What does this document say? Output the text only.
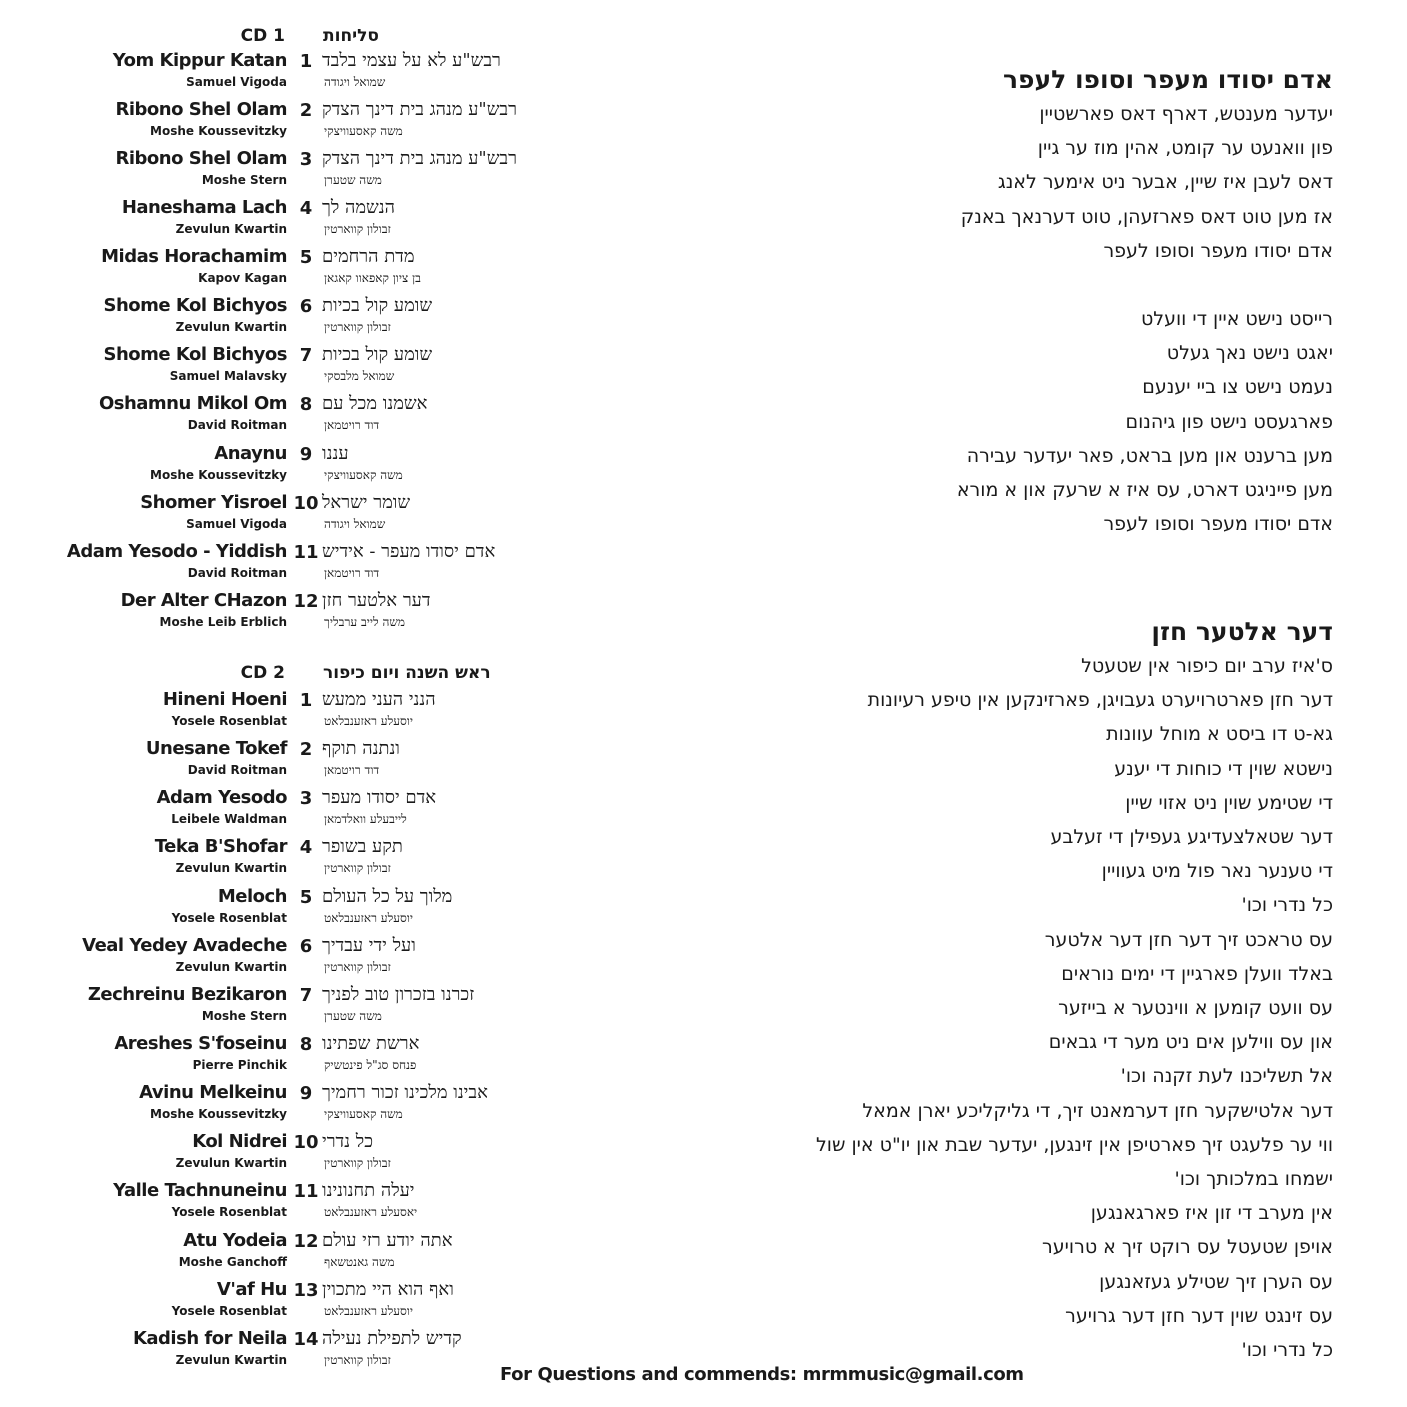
CD 1 סליחות
Yom Kippur Katan 1 רבש"ע לא על עצמי בלבד
Samuel Vigoda	שמואל ויגודה
Ribono Shel Olam 2 רבש"ע מנהג בית דינך הצדק
Moshe Koussevitzky	משה קאסעוויצקי
Ribono Shel Olam 3 רבש"ע מנהג בית דינך הצדק
Moshe Stern	משה שטערן
Haneshama Lach 4 הנשמה לך
Zevulun Kwartin	זבולון קווארטין
Midas Horachamim 5 מדת הרחמים
Kapov Kagan	בן ציון קאפאוו קאגאן
Shome Kol Bichyos 6 שומע קול בכיות
Zevulun Kwartin	זבולון קווארטין
Shome Kol Bichyos 7 שומע קול בכיות
Samuel Malavsky	שמואל מלבסקי
Oshamnu Mikol Om 8 אשמנו מכל עם
David Roitman	דוד רויטמאן
Anaynu 9 עננו
Moshe Koussevitzky	משה קאסעוויצקי
Shomer Yisroel 10 שומר ישראל
Samuel Vigoda	שמואל ויגודה
Adam Yesodo - Yiddish 11 אדם יסודו מעפר - אידיש
David Roitman	דוד רויטמאן
Der Alter CHazon 12 דער אלטער חזן
Moshe Leib Erblich	משה לייב ערבליך
CD 2 ראש השנה ויום כיפור
Hineni Hoeni 1 הנני העני ממעש
Yosele Rosenblat	יוסעלע ראזענבלאט
Unesane Tokef 2 ונתנה תוקף
David Roitman	דוד רויטמאן
Adam Yesodo 3 אדם יסודו מעפר
Leibele Waldman	לייבעלע וואלדמאן
Teka B'Shofar 4 תקע בשופר
Zevulun Kwartin	זבולון קווארטין
Meloch 5 מלוך על כל העולם
Yosele Rosenblat	יוסעלע ראזענבלאט
Veal Yedey Avadeche 6 ועל ידי עבדיך
Zevulun Kwartin	זבולון קווארטין
Zechreinu Bezikaron 7 זכרנו בזכרון טוב לפניך
Moshe Stern	משה שטערן
Areshes S'foseinu 8 ארשת שפתינו
Pierre Pinchik	פנחס סג"ל פינטשיק
Avinu Melkeinu 9 אבינו מלכינו זכור רחמיך
Moshe Koussevitzky	משה קאסעוויצקי
Kol Nidrei 10 כל נדרי
Zevulun Kwartin	זבולון קווארטין
Yalle Tachnuneinu 11 יעלה תחנונינו
Yosele Rosenblat	יאסעלע ראזענבלאט
Atu Yodeia 12 אתה יודע רזי עולם
Moshe Ganchoff	משה גאנטשאף
V'af Hu 13 ואף הוא היי מתכוין
Yosele Rosenblat	יוסעלע ראזענבלאט
Kadish for Neila 14 קדיש לתפילת נעילה
Zevulun Kwartin	זבולון קווארטין
אדם יסודו מעפר וסופו לעפר
יעדער מענטש, דארף דאס פארשטיין
פון וואנעט ער קומט, אהין מוז ער גיין
דאס לעבן איז שיין, אבער ניט אימער לאנג
אז מען טוט דאס פארזעהן, טוט דערנאך באנק
אדם יסודו מעפר וסופו לעפר
רייסט נישט איין די וועלט
יאגט נישט נאך געלט
נעמט נישט צו ביי יענעם
פארגעסט נישט פון גיהנום
מען ברענט און מען בראט, פאר יעדער עבירה
מען פייניגט דארט, עס איז א שרעק און א מורא
אדם יסודו מעפר וסופו לעפר
דער אלטער חזן
ס'איז ערב יום כיפור אין שטעטל
דער חזן פארטרויערט געבויגן, פארזינקען אין טיפע רעיונות
גא-ט דו ביסט א מוחל עוונות
נישטא שוין די כוחות די יענע
די שטימע שוין ניט אזוי שיין
דער שטאלצעדיגע געפילן די זעלבע
די טענער נאר פול מיט געוויין
כל נדרי וכו'
עס טראכט זיך דער חזן דער אלטער
באלד וועלן פארגיין די ימים נוראים
עס וועט קומען א ווינטער א בייזער
און עס ווילען אים ניט מער די גבאים
אל תשליכנו לעת זקנה וכו'
דער אלטישקער חזן דערמאנט זיך, די גליקליכע יארן אמאל
ווי ער פלעגט זיך פארטיפן אין זינגען, יעדער שבת און יו"ט אין שול
ישמחו במלכותך וכו'
אין מערב די זון איז פארגאנגען
אויפן שטעטל עס רוקט זיך א טרויער
עס הערן זיך שטילע געזאנגען
עס זינגט שוין דער חזן דער גרויער
כל נדרי וכו'
For Questions and commends: mrmmusic@gmail.com
